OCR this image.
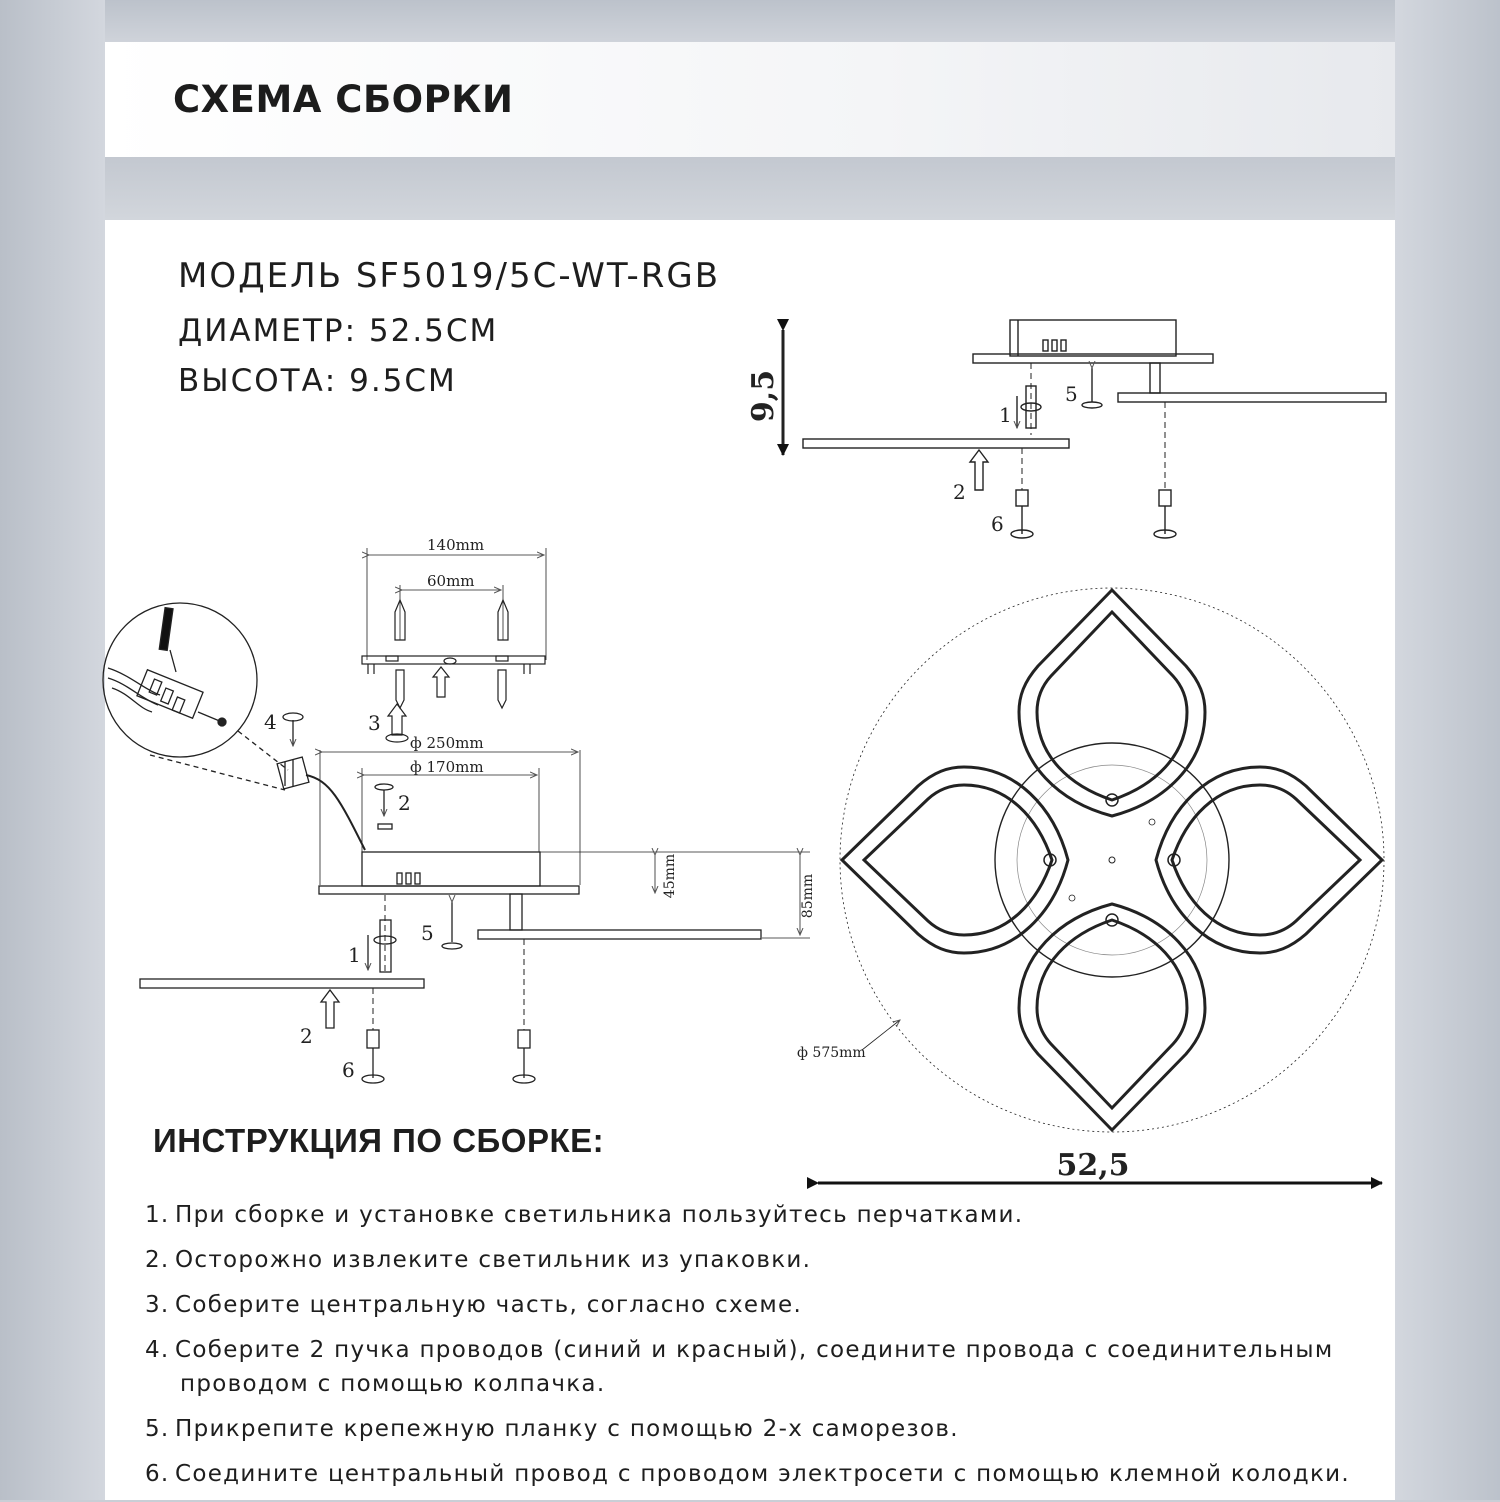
СХЕМА СБОРКИ
МОДЕЛЬ SF5019/5C-WT-RGB
ДИАМЕТР: 52.5СМ
ВЫСОТА: 9.5СМ	9,5	1
2
5
6
140mm
60mm
3
4
ф 250mm
ф 170mm
45mm	85mm
2
1
5
2
6
ф 575mm
52,5
ИНСТРУКЦИЯ ПО СБОРКЕ:
1. При сборке и установке светильника пользуйтесь перчатками.
2. Осторожно извлеките светильник из упаковки.
3. Соберите центральную часть, согласно схеме.
4. Соберите 2 пучка проводов (синий и красный), соедините провода с соединительным
проводом с помощью колпачка.
5. Прикрепите крепежную планку с помощью 2-х саморезов.
6. Соедините центральный провод с проводом электросети с помощью клемной колодки.
